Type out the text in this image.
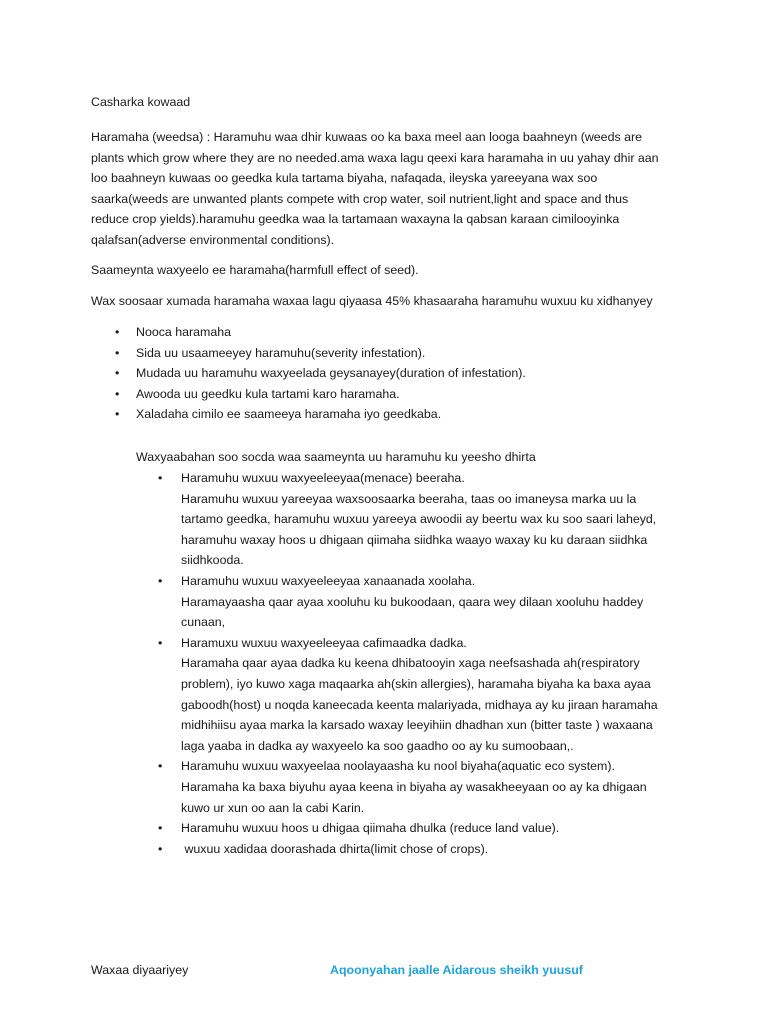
Casharka kowaad

Haramaha (weedsa) : Haramuhu waa dhir kuwaas oo ka baxa meel aan looga baahneyn (weeds are
plants which grow where they are no needed.ama waxa lagu qeexi kara haramaha in uu yahay dhir aan
loo baahneyn kuwaas oo geedka kula tartama biyaha, nafaqada, ileyska yareeyana wax soo
saarka(weeds are unwanted plants compete with crop water, soil nutrient,light and space and thus
reduce crop yields).haramuhu geedka waa la tartamaan waxayna la qabsan karaan cimilooyinka
qalafsan(adverse environmental conditions).

Saameynta waxyeelo ee haramaha(harmfull effect of seed).

Wax soosaar xumada haramaha waxaa lagu qiyaasa 45% khasaaraha haramuhu wuxuu ku xidhanyey

• Nooca haramaha
• Sida uu usaameeyey haramuhu(severity infestation).
• Mudada uu haramuhu waxyeelada geysanayey(duration of infestation).
• Awooda uu geedku kula tartami karo haramaha.
• Xaladaha cimilo ee saameeya haramaha iyo geedkaba.

Waxyaabahan soo socda waa saameynta uu haramuhu ku yeesho dhirta

• Haramuhu wuxuu waxyeeleeyaa(menace) beeraha.
Haramuhu wuxuu yareeyaa waxsoosaarka beeraha, taas oo imaneysa marka uu la
tartamo geedka, haramuhu wuxuu yareeya awoodii ay beertu wax ku soo saari laheyd,
haramuhu waxay hoos u dhigaan qiimaha siidhka waayo waxay ku ku daraan siidhka
siidhkooda.
• Haramuhu wuxuu waxyeeleeyaa xanaanada xoolaha.
Haramayaasha qaar ayaa xooluhu ku bukoodaan, qaara wey dilaan xooluhu haddey
cunaan,
• Haramuxu wuxuu waxyeeleeyaa cafimaadka dadka.
Haramaha qaar ayaa dadka ku keena dhibatooyin xaga neefsashada ah(respiratory
problem), iyo kuwo xaga maqaarka ah(skin allergies), haramaha biyaha ka baxa ayaa
gaboodh(host) u noqda kaneecada keenta malariyada, midhaya ay ku jiraan haramaha
midhihiisu ayaa marka la karsado waxay leeyihiin dhadhan xun (bitter taste ) waxaana
laga yaaba in dadka ay waxyeelo ka soo gaadho oo ay ku sumoobaan,.
• Haramuhu wuxuu waxyeelaa noolayaasha ku nool biyaha(aquatic eco system).
Haramaha ka baxa biyuhu ayaa keena in biyaha ay wasakheeyaan oo ay ka dhigaan
kuwo ur xun oo aan la cabi Karin.
• Haramuhu wuxuu hoos u dhigaa qiimaha dhulka (reduce land value).
•  wuxuu xadidaa doorashada dhirta(limit chose of crops).
Waxaa diyaariyey	Aqoonyahan jaalle Aidarous sheikh yuusuf
